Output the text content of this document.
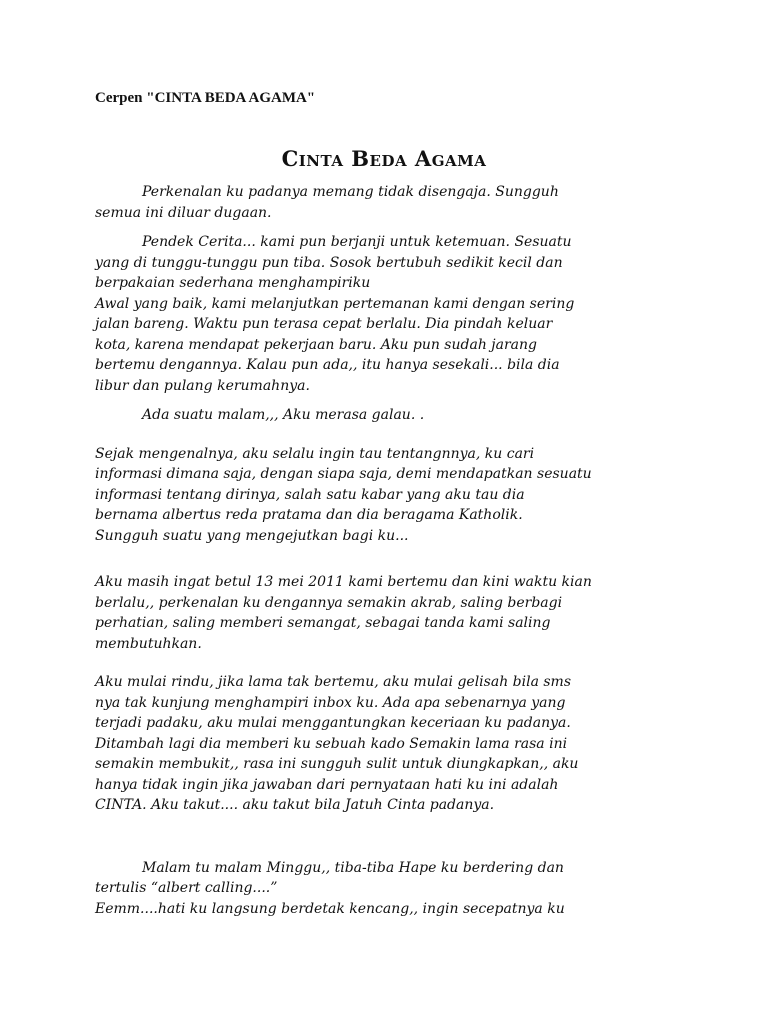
Cerpen "CINTA BEDA AGAMA"

Cinta Beda Agama

Perkenalan ku padanya memang tidak disengaja. Sungguh
semua ini diluar dugaan.

Pendek Cerita... kami pun berjanji untuk ketemuan. Sesuatu
yang di tunggu-tunggu pun tiba. Sosok bertubuh sedikit kecil dan
berpakaian sederhana menghampiriku

Awal yang baik, kami melanjutkan pertemanan kami dengan sering
jalan bareng. Waktu pun terasa cepat berlalu. Dia pindah keluar
kota, karena mendapat pekerjaan baru. Aku pun sudah jarang
bertemu dengannya. Kalau pun ada,, itu hanya sesekali... bila dia
libur dan pulang kerumahnya.

Ada suatu malam,,, Aku merasa galau. .

Sejak mengenalnya, aku selalu ingin tau tentangnnya, ku cari
informasi dimana saja, dengan siapa saja, demi mendapatkan sesuatu
informasi tentang dirinya, salah satu kabar yang aku tau dia
bernama albertus reda pratama dan dia beragama Katholik.
Sungguh suatu yang mengejutkan bagi ku...

Aku masih ingat betul 13 mei 2011 kami bertemu dan kini waktu kian
berlalu,, perkenalan ku dengannya semakin akrab, saling berbagi
perhatian, saling memberi semangat, sebagai tanda kami saling
membutuhkan.

Aku mulai rindu, jika lama tak bertemu, aku mulai gelisah bila sms
nya tak kunjung menghampiri inbox ku. Ada apa sebenarnya yang
terjadi padaku, aku mulai menggantungkan keceriaan ku padanya.
Ditambah lagi dia memberi ku sebuah kado Semakin lama rasa ini
semakin membukit,, rasa ini sungguh sulit untuk diungkapkan,, aku
hanya tidak ingin jika jawaban dari pernyataan hati ku ini adalah
CINTA. Aku takut.... aku takut bila Jatuh Cinta padanya.

Malam tu malam Minggu,, tiba-tiba Hape ku berdering dan
tertulis “albert calling....”

Eemm....hati ku langsung berdetak kencang,, ingin secepatnya ku
